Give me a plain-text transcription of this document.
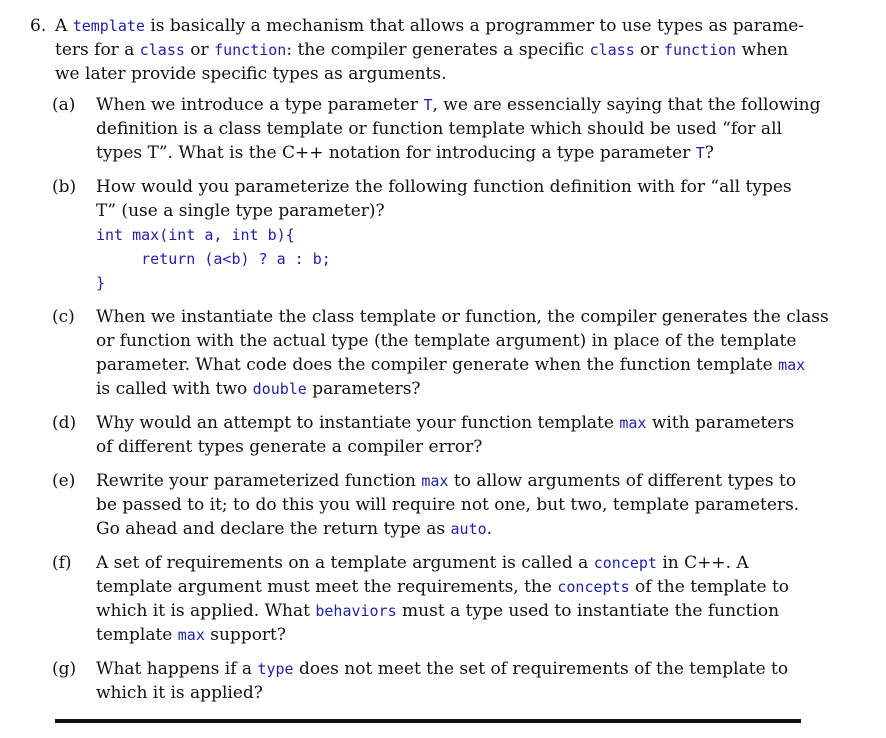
6. A template is basically a mechanism that allows a programmer to use types as parame-
ters for a class or function: the compiler generates a specific class or function when
we later provide specific types as arguments.
(a) When we introduce a type parameter T, we are essencially saying that the following
definition is a class template or function template which should be used “for all
types T”. What is the C++ notation for introducing a type parameter T?
(b) How would you parameterize the following function definition with for “all types
T” (use a single type parameter)?
int max(int a, int b){
return (a<b) ? a : b;
}
(c) When we instantiate the class template or function, the compiler generates the class
or function with the actual type (the template argument) in place of the template
parameter. What code does the compiler generate when the function template max
is called with two double parameters?
(d) Why would an attempt to instantiate your function template max with parameters
of different types generate a compiler error?
(e) Rewrite your parameterized function max to allow arguments of different types to
be passed to it; to do this you will require not one, but two, template parameters.
Go ahead and declare the return type as auto.
(f) A set of requirements on a template argument is called a concept in C++. A
template argument must meet the requirements, the concepts of the template to
which it is applied. What behaviors must a type used to instantiate the function
template max support?
(g) What happens if a type does not meet the set of requirements of the template to
which it is applied?
